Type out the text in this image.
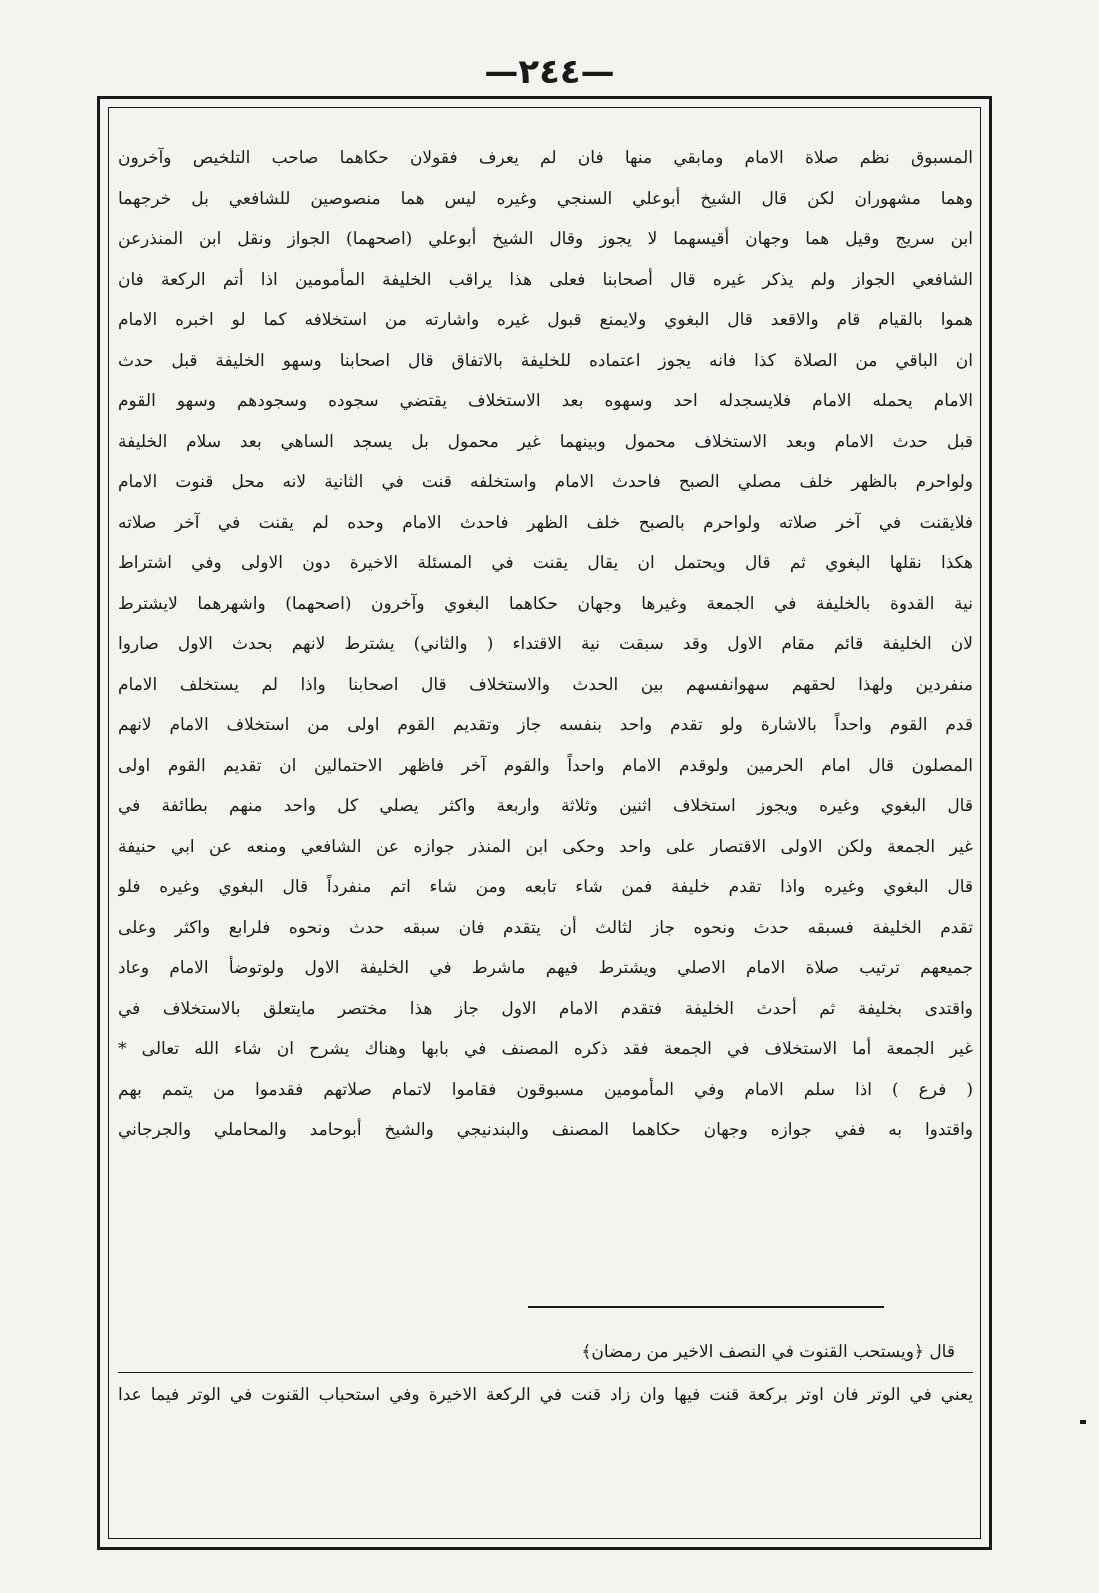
—٢٤٤—
المسبوق نظم صلاة الامام ومابقي منها فان لم يعرف فقولان حكاهما صاحب التلخيص وآخرون
وهما مشهوران لكن قال الشيخ أبوعلي السنجي وغيره ليس هما منصوصين للشافعي بل خرجهما
ابن سريج وقيل هما وجهان أقيسهما لا يجوز وقال الشيخ أبوعلي (اصحهما) الجواز ونقل ابن المنذرعن
الشافعي الجواز ولم يذكر غيره قال أصحابنا فعلى هذا يراقب الخليفة المأمومين اذا أتم الركعة فان
هموا بالقيام قام والاقعد قال البغوي ولايمنع قبول غيره واشارته من استخلافه كما لو اخبره الامام
ان الباقي من الصلاة كذا فانه يجوز اعتماده للخليفة بالاتفاق قال اصحابنا وسهو الخليفة قبل حدث
الامام يحمله الامام فلايسجدله احد وسهوه بعد الاستخلاف يقتضي سجوده وسجودهم وسهو القوم
قبل حدث الامام وبعد الاستخلاف محمول وبينهما غير محمول بل يسجد الساهي بعد سلام الخليفة
ولواحرم بالظهر خلف مصلي الصبح فاحدث الامام واستخلفه قنت في الثانية لانه محل قنوت الامام
فلايقنت في آخر صلاته ولواحرم بالصبح خلف الظهر فاحدث الامام وحده لم يقنت في آخر صلاته
هكذا نقلها البغوي ثم قال ويحتمل ان يقال يقنت في المسئلة الاخيرة دون الاولى وفي اشتراط
نية القدوة بالخليفة في الجمعة وغيرها وجهان حكاهما البغوي وآخرون (اصحهما) واشهرهما لايشترط
لان الخليفة قائم مقام الاول وقد سبقت نية الاقتداء ( والثاني) يشترط لانهم بحدث الاول صاروا
منفردين ولهذا لحقهم سهوانفسهم بين الحدث والاستخلاف قال اصحابنا واذا لم يستخلف الامام
قدم القوم واحداً بالاشارة ولو تقدم واحد بنفسه جاز وتقديم القوم اولى من استخلاف الامام لانهم
المصلون قال امام الحرمين ولوقدم الامام واحداً والقوم آخر فاظهر الاحتمالين ان تقديم القوم اولى
قال البغوي وغيره ويجوز استخلاف اثنين وثلاثة واربعة واكثر يصلي كل واحد منهم بطائفة في
غير الجمعة ولكن الاولى الاقتصار على واحد وحكى ابن المنذر جوازه عن الشافعي ومنعه عن ابي حنيفة
قال البغوي وغيره واذا تقدم خليفة فمن شاء تابعه ومن شاء اتم منفرداً قال البغوي وغيره فلو
تقدم الخليفة فسبقه حدث ونحوه جاز لثالث أن يتقدم فان سبقه حدث ونحوه فلرابع واكثر وعلى
جميعهم ترتيب صلاة الامام الاصلي ويشترط فيهم ماشرط في الخليفة الاول ولوتوضأ الامام وعاد
واقتدى بخليفة ثم أحدث الخليفة فتقدم الامام الاول جاز هذا مختصر مايتعلق بالاستخلاف في
غير الجمعة أما الاستخلاف في الجمعة فقد ذكره المصنف في بابها وهناك يشرح ان شاء الله تعالى *
( فرع ) اذا سلم الامام وفي المأمومين مسبوقون فقاموا لاتمام صلاتهم فقدموا من يتمم بهم
واقتدوا به ففي جوازه وجهان حكاهما المصنف والبندنيجي والشيخ أبوحامد والمحاملي والجرجاني
قال ﴿ويستحب القنوت في النصف الاخير من رمضان﴾
يعني في الوتر فان اوتر بركعة قنت فيها وان زاد قنت في الركعة الاخيرة وفي استحباب القنوت في الوتر فيما عدا
